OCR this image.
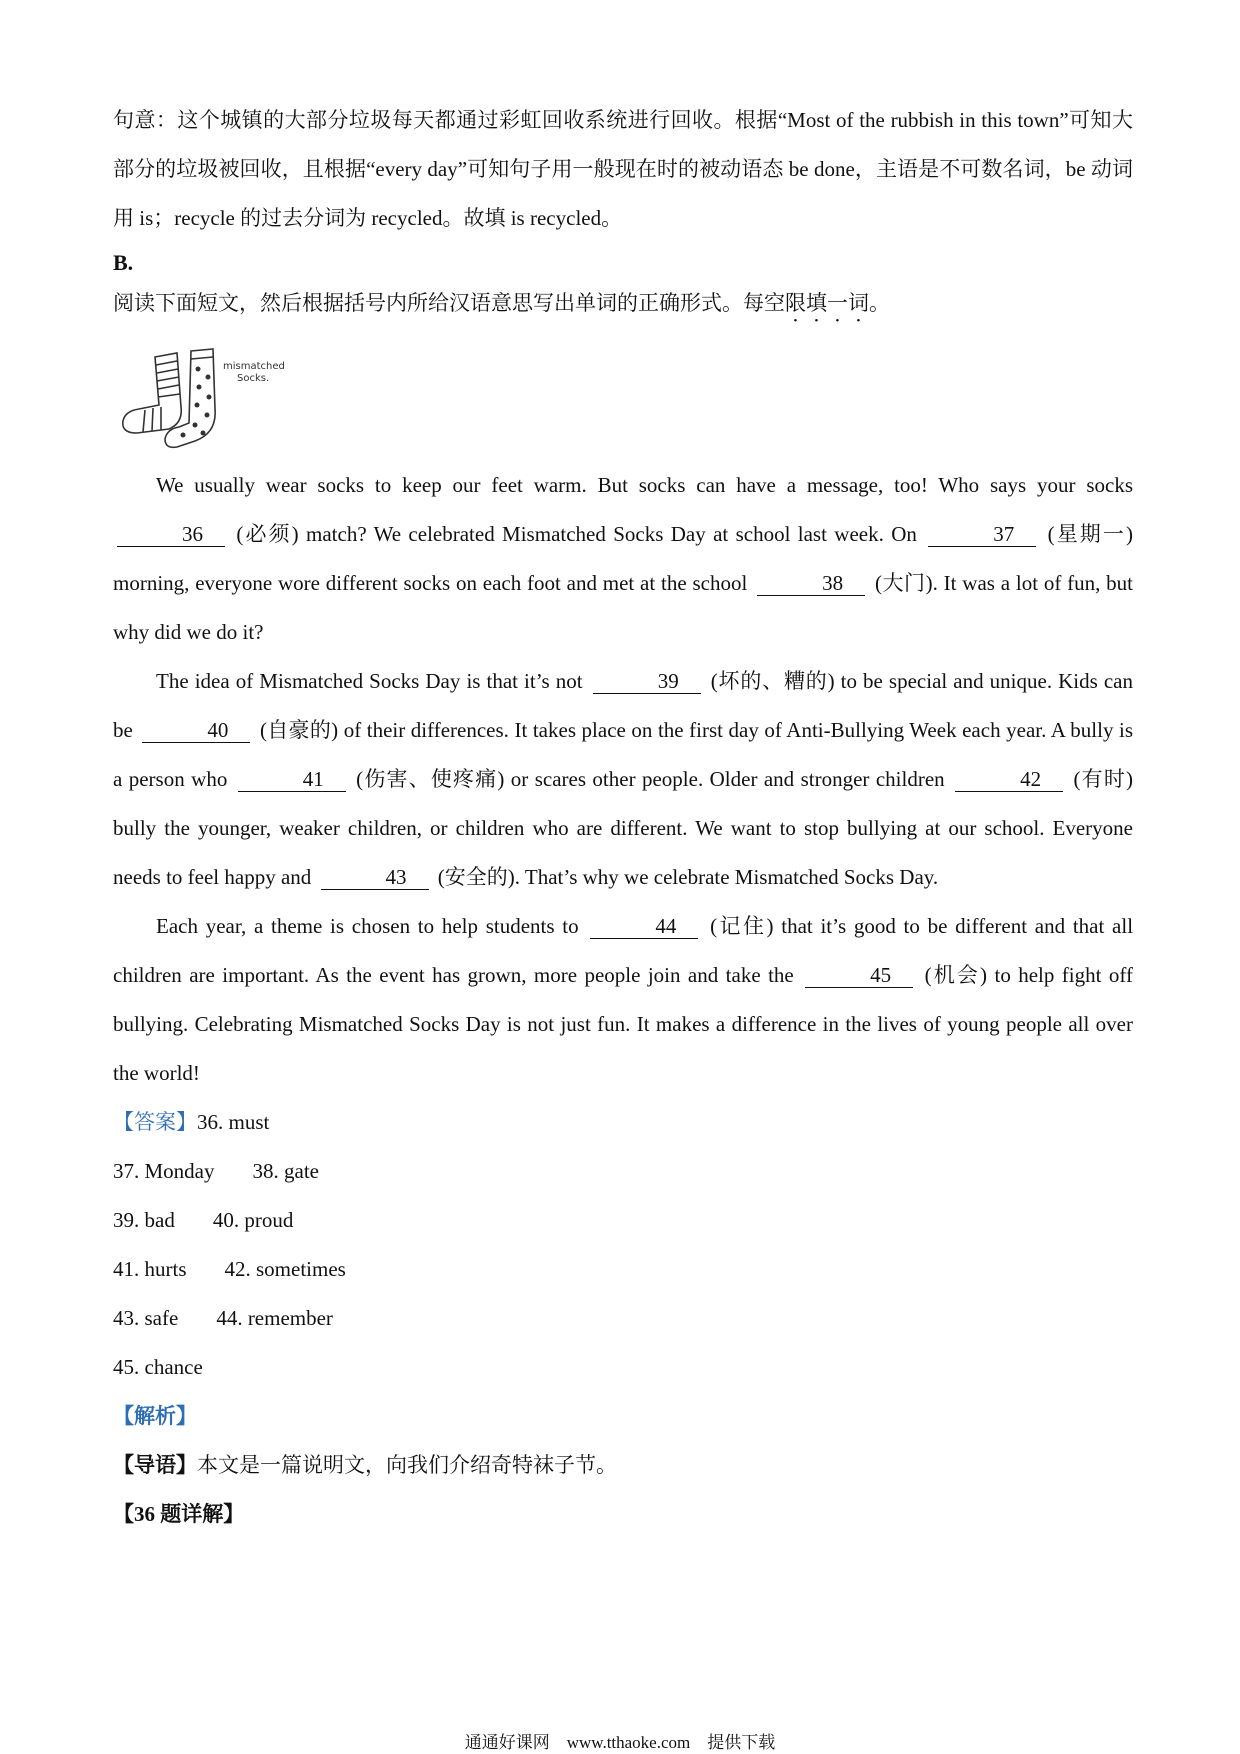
句意：这个城镇的大部分垃圾每天都通过彩虹回收系统进行回收。根据“Most of the rubbish in this town”可知大部分的垃圾被回收，且根据“every day”可知句子用一般现在时的被动语态 be done，主语是不可数名词，be 动词用 is；recycle 的过去分词为 recycled。故填 is recycled。

B.

阅读下面短文，然后根据括号内所给汉语意思写出单词的正确形式。每空限填一词。

mismatched
Socks.

We usually wear socks to keep our feet warm. But socks can have a message, too! Who says your socks 36 (必须) match? We celebrated Mismatched Socks Day at school last week. On	37 (星期一) morning, everyone wore different socks on each foot and met at the school	38 (大门). It was a lot of fun, but why did we do it?

The idea of Mismatched Socks Day is that it’s not	39 (坏的、糟的) to be special and unique. Kids can be	40 (自豪的) of their differences. It takes place on the first day of Anti-Bullying Week each year. A bully is a person who	41 (伤害、使疼痛) or scares other people. Older and stronger children	42 (有时) bully the younger, weaker children, or children who are different. We want to stop bullying at our school. Everyone needs to feel happy and	43 (安全的). That’s why we celebrate Mismatched Socks Day.

Each year, a theme is chosen to help students to	44 (记住) that it’s good to be different and that all children are important. As the event has grown, more people join and take the	45 (机会) to help fight off bullying. Celebrating Mismatched Socks Day is not just fun. It makes a difference in the lives of young people all over the world!

【答案】36. must

37. Monday 38. gate

39. bad 40. proud

41. hurts 42. sometimes

43. safe 44. remember

45. chance

【解析】

【导语】本文是一篇说明文，向我们介绍奇特袜子节。

【36 题详解】

通通好课网　www.tthaoke.com　提供下载
